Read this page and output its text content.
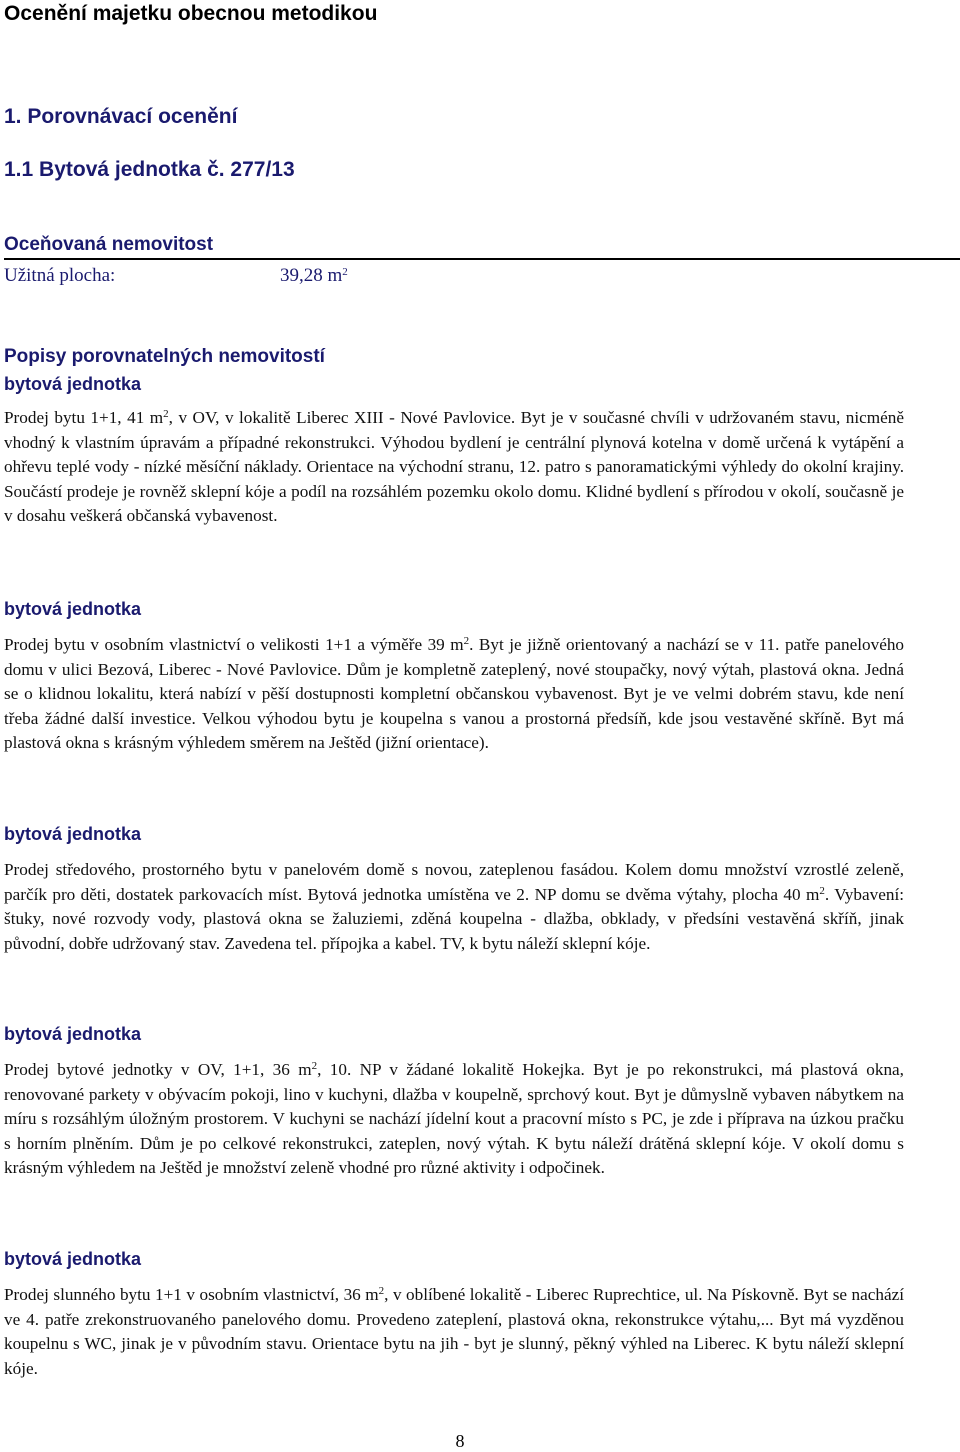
Ocenění majetku obecnou metodikou
1. Porovnávací ocenění
1.1 Bytová jednotka č. 277/13
Oceňovaná nemovitost
Užitná plocha:	39,28 $m^2$
Popisy porovnatelných nemovitostí
bytová jednotka

Prodej bytu 1+1, 41 $m^2$, v OV, v lokalitě Liberec XIII - Nové Pavlovice. Byt je v současné chvíli v udržovaném stavu, nicméně vhodný k vlastním úpravám a případné rekonstrukci. Výhodou bydlení je centrální plynová kotelna v domě určená k vytápění a ohřevu teplé vody - nízké měsíční náklady. Orientace na východní stranu, 12. patro s panoramatickými výhledy do okolní krajiny. Součástí prodeje je rovněž sklepní kóje a podíl na rozsáhlém pozemku okolo domu. Klidné bydlení s přírodou v okolí, současně je v dosahu veškerá občanská vybavenost.

bytová jednotka

Prodej bytu v osobním vlastnictví o velikosti 1+1 a výměře 39 $m^2$. Byt je jižně orientovaný a nachází se v 11. patře panelového domu v ulici Bezová, Liberec - Nové Pavlovice. Dům je kompletně zateplený, nové stoupačky, nový výtah, plastová okna. Jedná se o klidnou lokalitu, která nabízí v pěší dostupnosti kompletní občanskou vybavenost. Byt je ve velmi dobrém stavu, kde není třeba žádné další investice. Velkou výhodou bytu je koupelna s vanou a prostorná předsíň, kde jsou vestavěné skříně. Byt má plastová okna s krásným výhledem směrem na Ještěd (jižní orientace).

bytová jednotka

Prodej středového, prostorného bytu v panelovém domě s novou, zateplenou fasádou. Kolem domu množství vzrostlé zeleně, parčík pro děti, dostatek parkovacích míst. Bytová jednotka umístěna ve 2. NP domu se dvěma výtahy, plocha 40 $m^2$. Vybavení: štuky, nové rozvody vody, plastová okna se žaluziemi, zděná koupelna - dlažba, obklady, v předsíni vestavěná skříň, jinak původní, dobře udržovaný stav. Zavedena tel. přípojka a kabel. TV, k bytu náleží sklepní kóje.

bytová jednotka

Prodej bytové jednotky v OV, 1+1, 36 $m^2$, 10. NP v žádané lokalitě Hokejka. Byt je po rekonstrukci, má plastová okna, renovované parkety v obývacím pokoji, lino v kuchyni, dlažba v koupelně, sprchový kout. Byt je důmyslně vybaven nábytkem na míru s rozsáhlým úložným prostorem. V kuchyni se nachází jídelní kout a pracovní místo s PC, je zde i příprava na úzkou pračku s horním plněním. Dům je po celkové rekonstrukci, zateplen, nový výtah. K bytu náleží drátěná sklepní kóje. V okolí domu s krásným výhledem na Ještěd je množství zeleně vhodné pro různé aktivity i odpočinek.

bytová jednotka

Prodej slunného bytu 1+1 v osobním vlastnictví, 36 $m^2$, v oblíbené lokalitě - Liberec Ruprechtice, ul. Na Pískovně. Byt se nachází ve 4. patře zrekonstruovaného panelového domu. Provedeno zateplení, plastová okna, rekonstrukce výtahu,... Byt má vyzděnou koupelnu s WC, jinak je v původním stavu. Orientace bytu na jih - byt je slunný, pěkný výhled na Liberec. K bytu náleží sklepní kóje.

8
